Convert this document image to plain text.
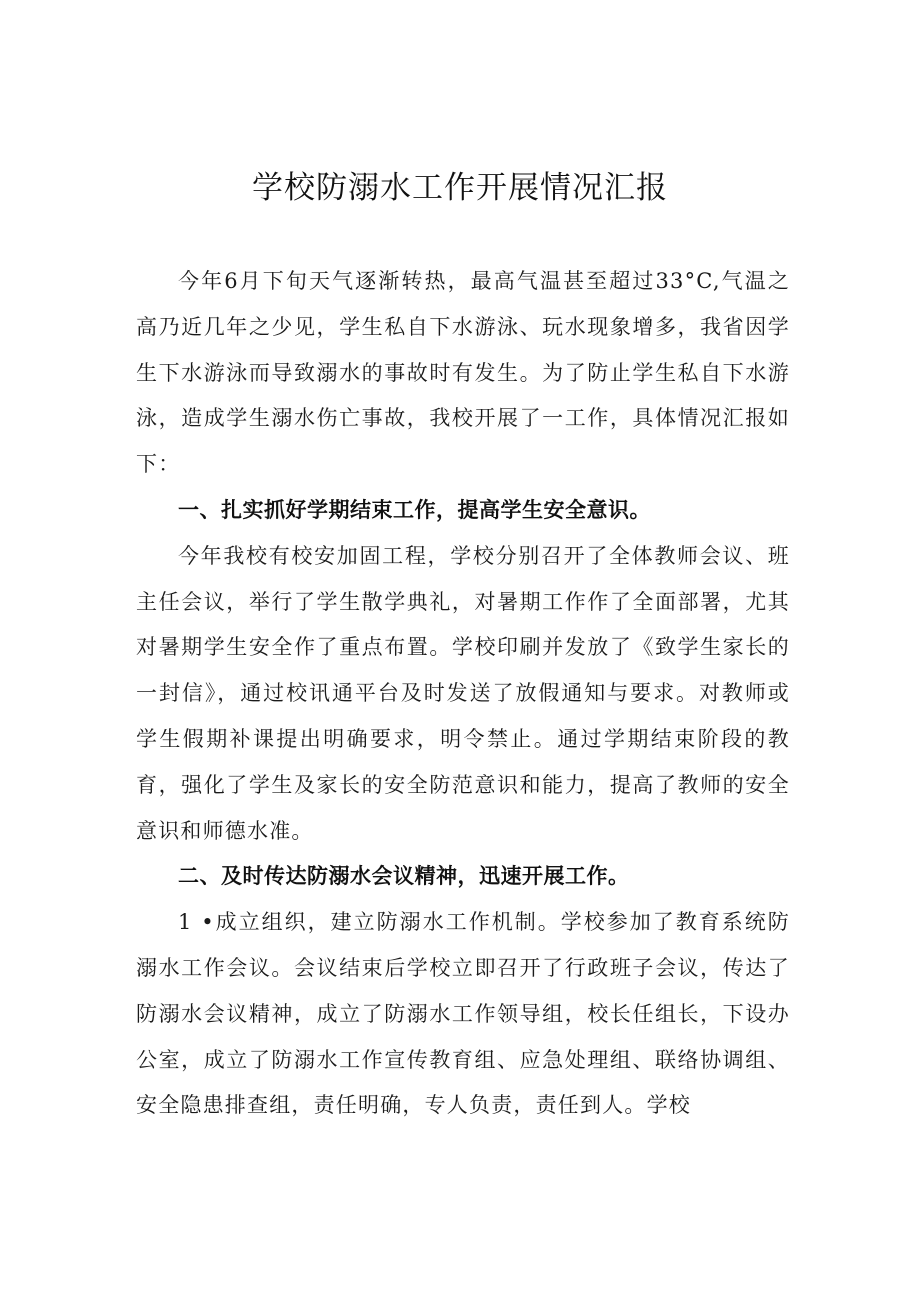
学校防溺水工作开展情况汇报

今年6月下旬天气逐渐转热，最高气温甚至超过33°C,气温之高乃近几年之少见，学生私自下水游泳、玩水现象增多，我省因学生下水游泳而导致溺水的事故时有发生。为了防止学生私自下水游泳，造成学生溺水伤亡事故，我校开展了一工作，具体情况汇报如下：

一、扎实抓好学期结束工作，提高学生安全意识。

今年我校有校安加固工程，学校分别召开了全体教师会议、班主任会议，举行了学生散学典礼，对暑期工作作了全面部署，尤其对暑期学生安全作了重点布置。学校印刷并发放了《致学生家长的一封信》，通过校讯通平台及时发送了放假通知与要求。对教师或学生假期补课提出明确要求，明令禁止。通过学期结束阶段的教育，强化了学生及家长的安全防范意识和能力，提高了教师的安全意识和师德水准。

二、及时传达防溺水会议精神，迅速开展工作。

1 •成立组织，建立防溺水工作机制。学校参加了教育系统防溺水工作会议。会议结束后学校立即召开了行政班子会议，传达了防溺水会议精神，成立了防溺水工作领导组，校长任组长，下设办公室，成立了防溺水工作宣传教育组、应急处理组、联络协调组、安全隐患排查组，责任明确，专人负责，责任到人。学校
